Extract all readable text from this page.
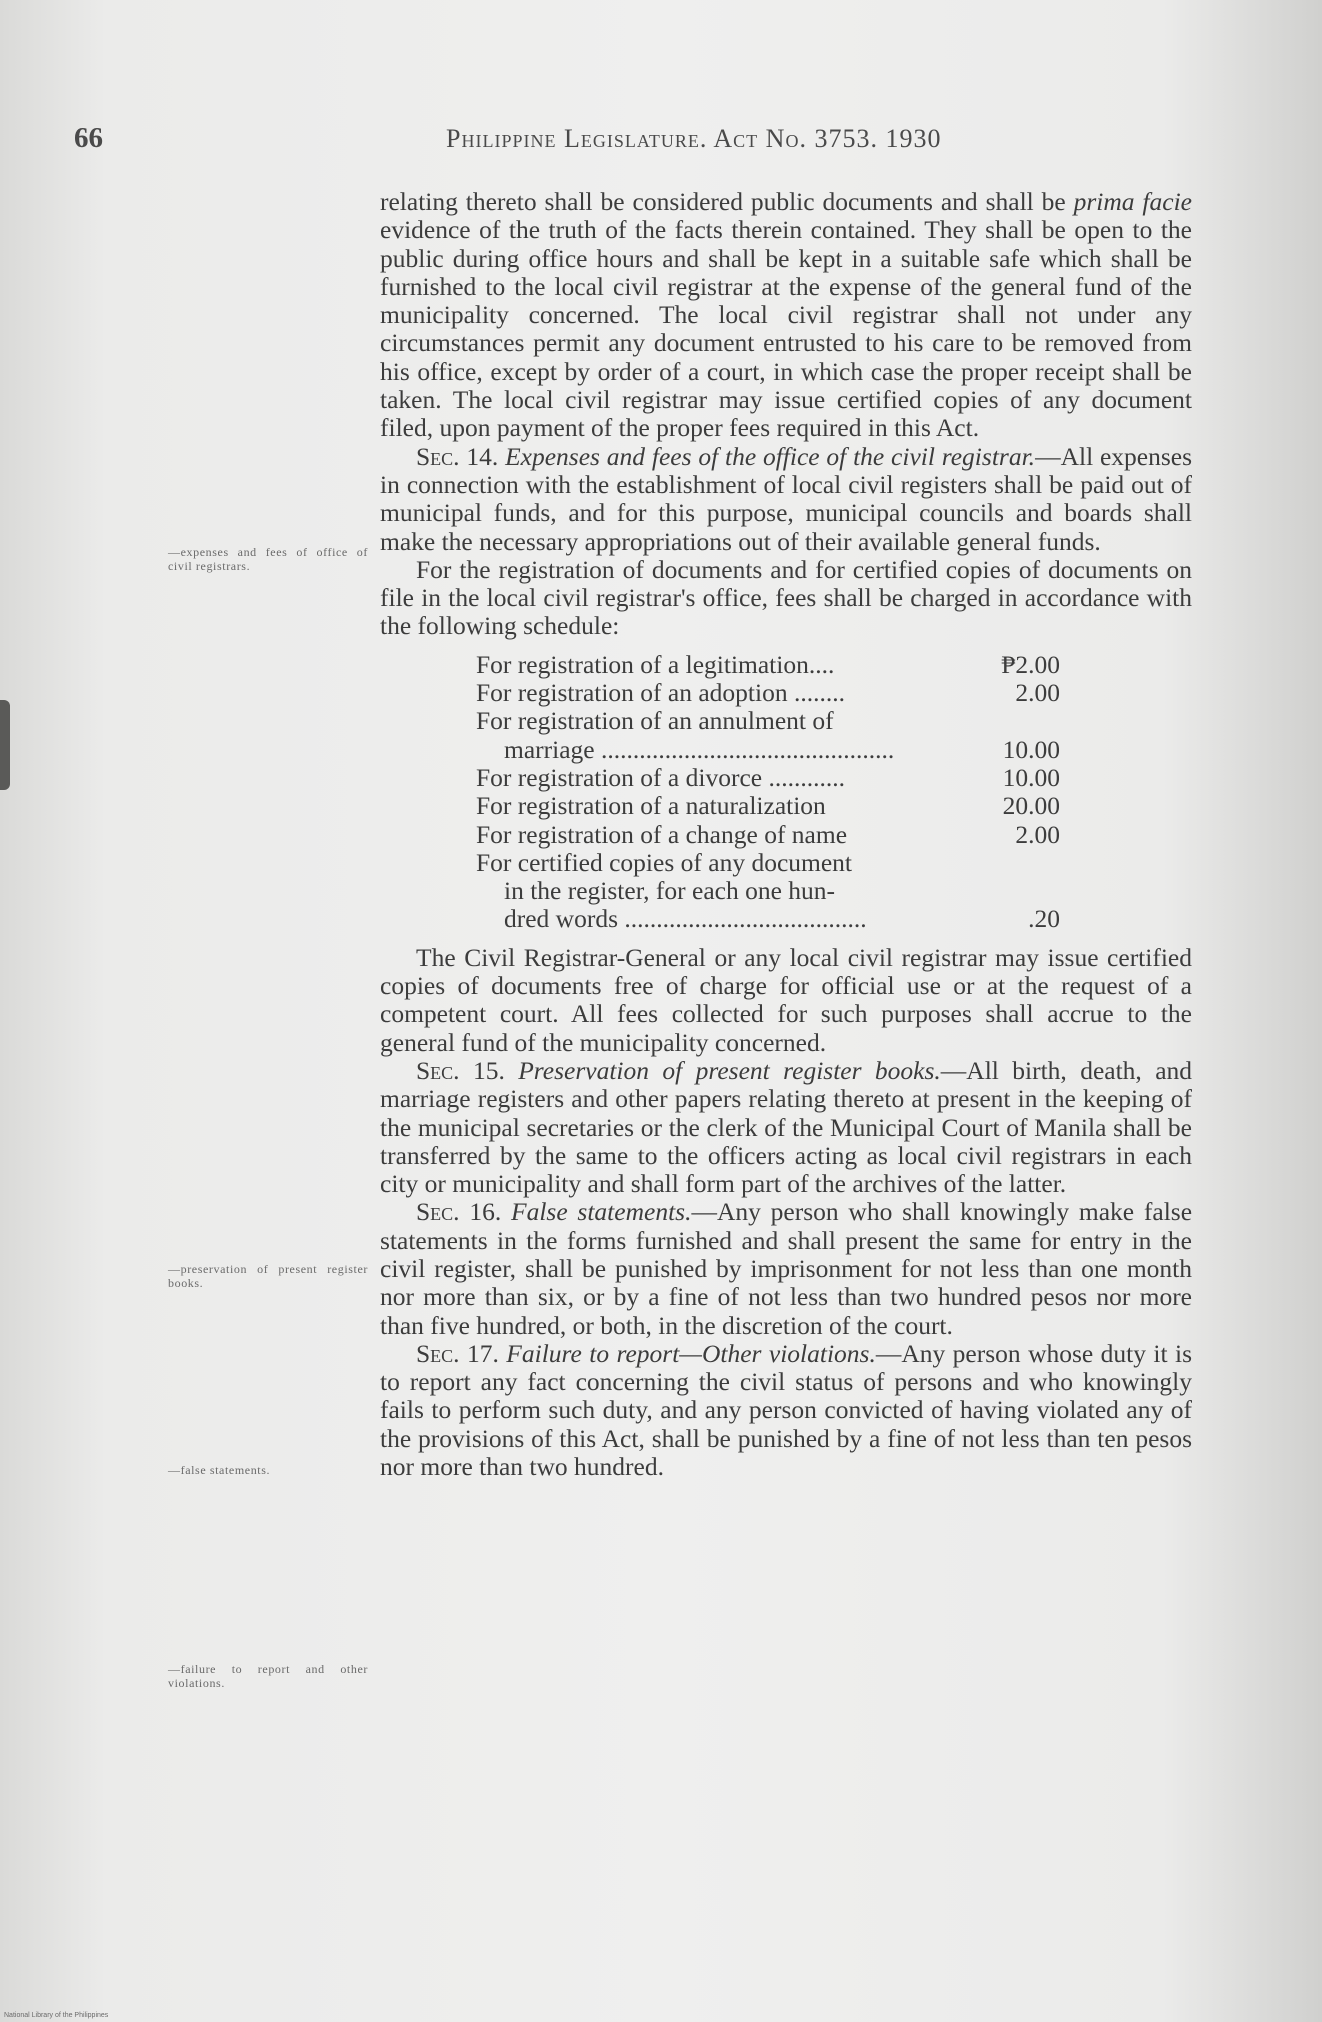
66	Philippine Legislature. Act No. 3753. 1930
—expenses and fees of office of civil registrars.
—preservation of present register books.
—false statements.
—failure to report and other violations.

relating thereto shall be considered public documents and shall be prima facie evidence of the truth of the facts therein contained. They shall be open to the public during office hours and shall be kept in a suitable safe which shall be furnished to the local civil registrar at the expense of the general fund of the municipality concerned. The local civil registrar shall not under any circumstances permit any document entrusted to his care to be removed from his office, except by order of a court, in which case the proper receipt shall be taken. The local civil registrar may issue certified copies of any document filed, upon payment of the proper fees required in this Act.

Sec. 14. Expenses and fees of the office of the civil registrar.—All expenses in connection with the establishment of local civil registers shall be paid out of municipal funds, and for this purpose, municipal councils and boards shall make the necessary appropriations out of their available general funds.

For the registration of documents and for certified copies of documents on file in the local civil registrar's office, fees shall be charged in accordance with the following schedule:

For registration of a legitimation....	₱2.00
For registration of an adoption ........	2.00
For registration of an annulment of	
marriage ..............................................	10.00
For registration of a divorce ............	10.00
For registration of a naturalization	20.00
For registration of a change of name	2.00
For certified copies of any document	
in the register, for each one hun-	
dred words ......................................	.20

The Civil Registrar-General or any local civil registrar may issue certified copies of documents free of charge for official use or at the request of a competent court. All fees collected for such purposes shall accrue to the general fund of the municipality concerned.

Sec. 15. Preservation of present register books.—All birth, death, and marriage registers and other papers relating thereto at present in the keeping of the municipal secretaries or the clerk of the Municipal Court of Manila shall be transferred by the same to the officers acting as local civil registrars in each city or municipality and shall form part of the archives of the latter.

Sec. 16. False statements.—Any person who shall knowingly make false statements in the forms furnished and shall present the same for entry in the civil register, shall be punished by imprisonment for not less than one month nor more than six, or by a fine of not less than two hundred pesos nor more than five hundred, or both, in the discretion of the court.

Sec. 17. Failure to report—Other violations.—Any person whose duty it is to report any fact concerning the civil status of persons and who knowingly fails to perform such duty, and any person convicted of having violated any of the provisions of this Act, shall be punished by a fine of not less than ten pesos nor more than two hundred.

National Library of the Philippines
